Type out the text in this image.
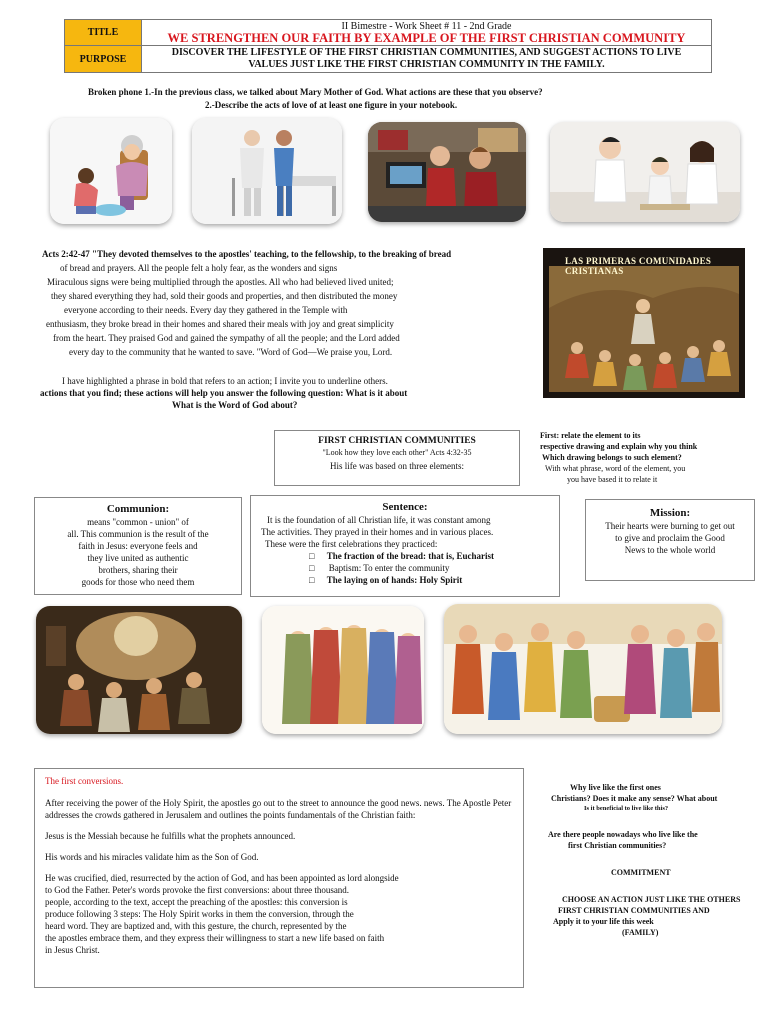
TITLE	II Bimestre - Work Sheet # 11 - 2nd Grade
WE STRENGTHEN OUR FAITH BY EXAMPLE OF THE FIRST CHRISTIAN COMMUNITY

PURPOSE	DISCOVER THE LIFESTYLE OF THE FIRST CHRISTIAN COMMUNITIES, AND SUGGEST ACTIONS TO LIVE
VALUES JUST LIKE THE FIRST CHRISTIAN COMMUNITY IN THE FAMILY.
Broken phone 1.-In the previous class, we talked about Mary Mother of God. What actions are these that you observe?
2.-Describe the acts of love of at least one figure in your notebook.
Acts 2:42-47 "They devoted themselves to the apostles' teaching, to the fellowship, to the breaking of bread
of bread and prayers. All the people felt a holy fear, as the wonders and signs
Miraculous signs were being multiplied through the apostles. All who had believed lived united;
they shared everything they had, sold their goods and properties, and then distributed the money
everyone according to their needs. Every day they gathered in the Temple with
enthusiasm, they broke bread in their homes and shared their meals with joy and great simplicity
from the heart. They praised God and gained the sympathy of all the people; and the Lord added
every day to the community that he wanted to save. "Word of God—We praise you, Lord.
I have highlighted a phrase in bold that refers to an action; I invite you to underline others.
actions that you find; these actions will help you answer the following question: What is it about
What is the Word of God about?
LAS PRIMERAS COMUNIDADES CRISTIANAS
FIRST CHRISTIAN COMMUNITIES
"Look how they love each other" Acts 4:32-35
His life was based on three elements:
First: relate the element to its
respective drawing and explain why you think
Which drawing belongs to such element?
With what phrase, word of the element, you
you have based it to relate it
Communion:
means "common - union" of
all. This communion is the result of the
faith in Jesus: everyone feels and
they live united as authentic
brothers, sharing their
goods for those who need them
Sentence:
It is the foundation of all Christian life, it was constant among
The activities. They prayed in their homes and in various places.
These were the first celebrations they practiced:
□ The fraction of the bread: that is, Eucharist
□ Baptism: To enter the community
□ The laying on of hands: Holy Spirit
Mission:
Their hearts were burning to get out
to give and proclaim the Good
News to the whole world

The first conversions.

After receiving the power of the Holy Spirit, the apostles go out to the street to announce the good news. news. The Apostle Peter addresses the crowds gathered in Jerusalem and outlines the points fundamentals of the Christian faith:

Jesus is the Messiah because he fulfills what the prophets announced.

His words and his miracles validate him as the Son of God.

He was crucified, died, resurrected by the action of God, and has been appointed as lord alongside
to God the Father. Peter's words provoke the first conversions: about three thousand.
people, according to the text, accept the preaching of the apostles: this conversion is
produce following 3 steps: The Holy Spirit works in them the conversion, through the
heard word. They are baptized and, with this gesture, the church, represented by the
the apostles embrace them, and they express their willingness to start a new life based on faith
in Jesus Christ.
Why live like the first ones
Christians? Does it make any sense? What about
Is it beneficial to live like this?
Are there people nowadays who live like the
first Christian communities?
COMMITMENT
CHOOSE AN ACTION JUST LIKE THE OTHERS
FIRST CHRISTIAN COMMUNITIES AND
Apply it to your life this week
(FAMILY)
